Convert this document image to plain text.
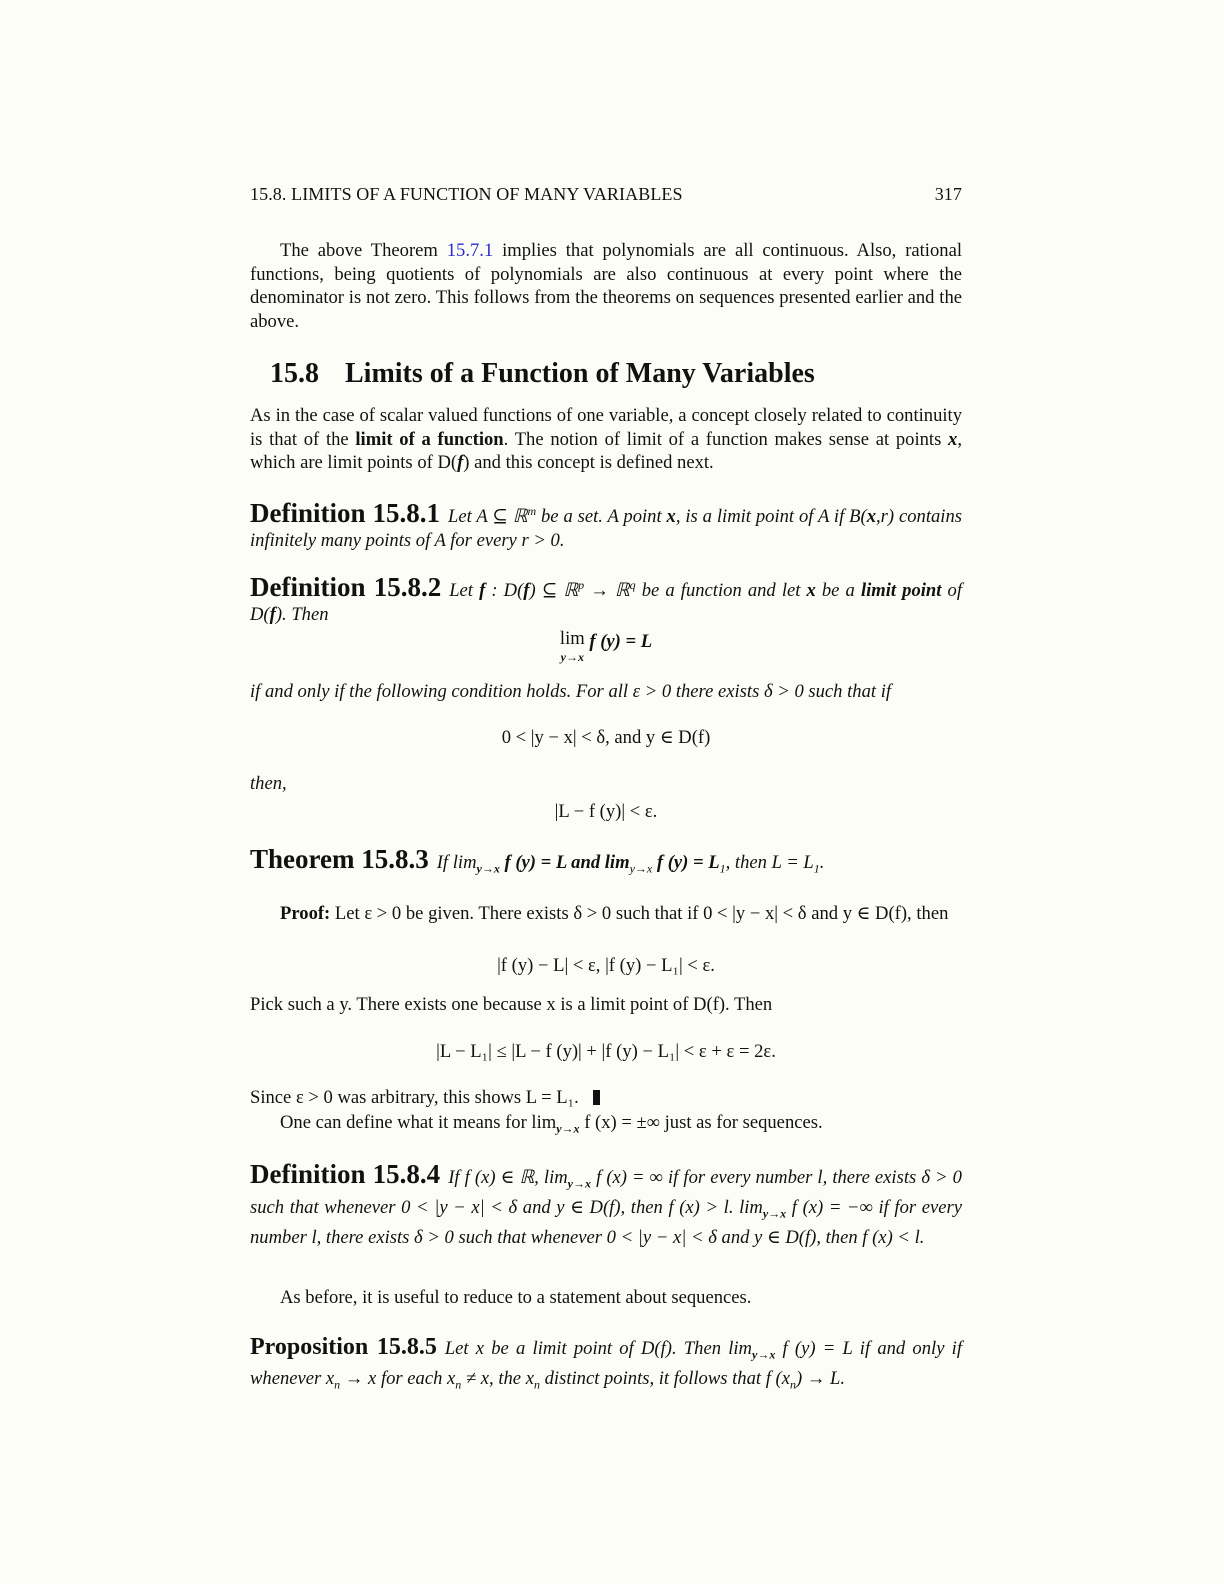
15.8. LIMITS OF A FUNCTION OF MANY VARIABLES	317
The above Theorem 15.7.1 implies that polynomials are all continuous. Also, rational functions, being quotients of polynomials are also continuous at every point where the denominator is not zero. This follows from the theorems on sequences presented earlier and the above.
15.8 Limits of a Function of Many Variables
As in the case of scalar valued functions of one variable, a concept closely related to continuity is that of the limit of a function. The notion of limit of a function makes sense at points x, which are limit points of D(f) and this concept is defined next.
Definition 15.8.1 Let A ⊆ ℝ$^m$ be a set. A point x, is a limit point of A if B(x,r) contains infinitely many points of A for every r > 0.
Definition 15.8.2 Let f : D(f) ⊆ ℝ$^p$ → ℝ$^q$ be a function and let x be a limit point of D(f). Then
lim
y→x
f (y) = L
if and only if the following condition holds. For all ε > 0 there exists δ > 0 such that if
0 < |y − x| < δ, and y ∈ D(f)
then,
|L − f (y)| < ε.
Theorem 15.8.3 If $\lim_{y\to x} f$ (y) = L and $\lim_{y\to x} f$ $(y) = L_1$, then $L = L_1$.
Proof: Let ε > 0 be given. There exists δ > 0 such that if 0 < |y − x| < δ and y ∈ D(f), then
|f (y) − L| < ε, |f (y) − L₁| < ε.
Pick such a y. There exists one because x is a limit point of D(f). Then
|L − L₁| ≤ |L − f (y)| + |f (y) − L₁| < ε + ε = 2ε.
Since ε > 0 was arbitrary, this shows L = L₁.
One can define what it means for $\lim_{y\to x} f$ (x) = ±∞ just as for sequences.
Definition 15.8.4 If f (x) ∈ ℝ, $\lim_{y\to x} f$ (x) = ∞ if for every number l, there exists δ > 0 such that whenever 0 < |y − x| < δ and y ∈ D(f), then f (x) > l. $\lim_{y\to x} f$ (x) = −∞ if for every number l, there exists δ > 0 such that whenever 0 < |y − x| < δ and y ∈ D(f), then f (x) < l.
As before, it is useful to reduce to a statement about sequences.
Proposition 15.8.5 Let x be a limit point of D(f). Then $\lim_{y\to x} f$ (y) = L if and only if whenever $x_n \to x$ for each $x_n \ne x$, the $x_n$ distinct points, it follows that f $(x_n) \to L$.
